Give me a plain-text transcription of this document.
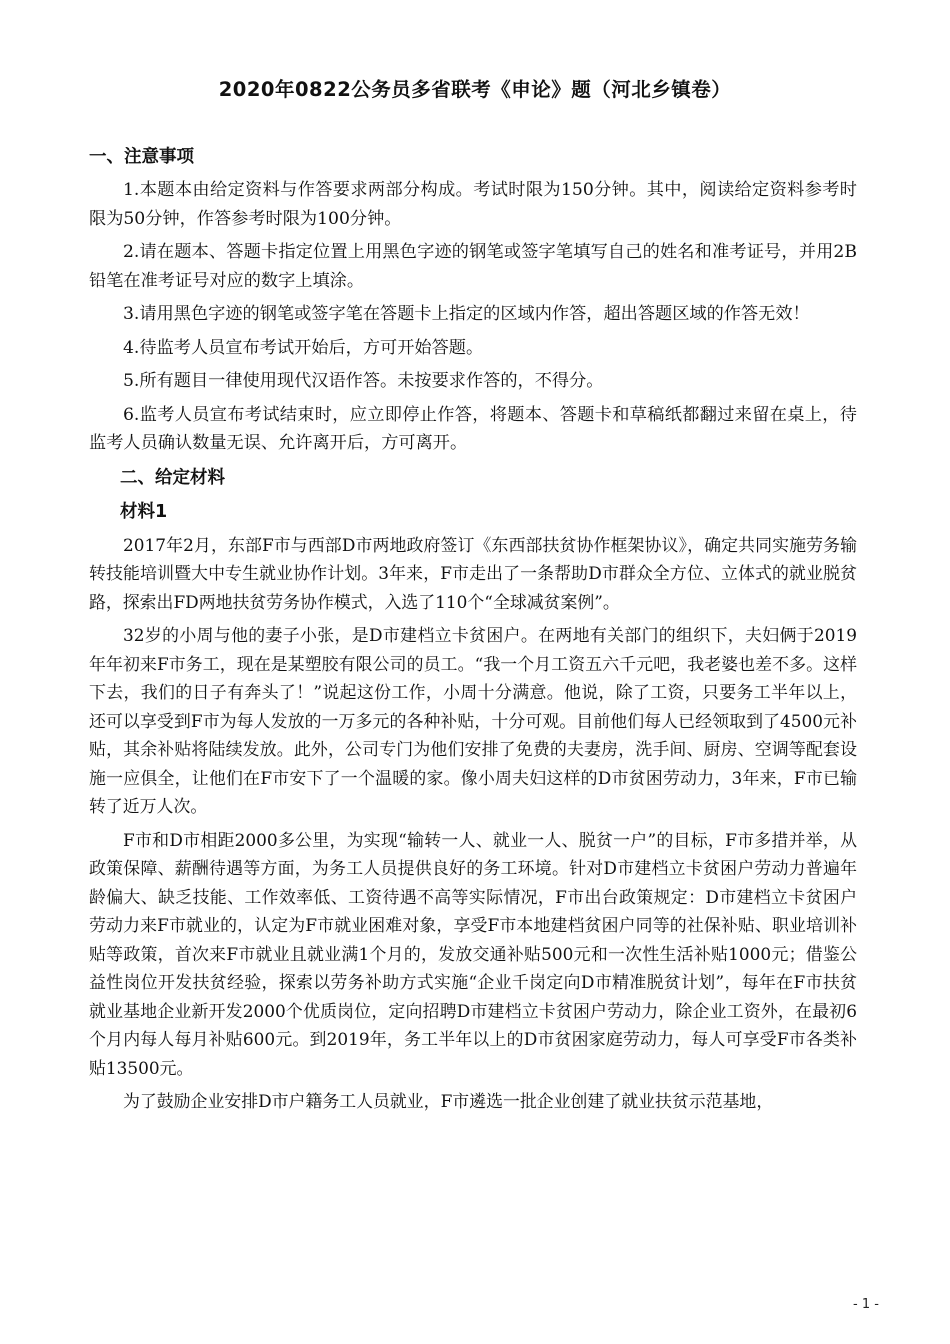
2020年0822公务员多省联考《申论》题（河北乡镇卷）
一、注意事项
1.本题本由给定资料与作答要求两部分构成。考试时限为150分钟。其中，阅读给定资料参考时限为50分钟，作答参考时限为100分钟。
2.请在题本、答题卡指定位置上用黑色字迹的钢笔或签字笔填写自己的姓名和准考证号，并用2B铅笔在准考证号对应的数字上填涂。
3.请用黑色字迹的钢笔或签字笔在答题卡上指定的区域内作答，超出答题区域的作答无效！
4.待监考人员宣布考试开始后，方可开始答题。
5.所有题目一律使用现代汉语作答。未按要求作答的，不得分。
6.监考人员宣布考试结束时，应立即停止作答，将题本、答题卡和草稿纸都翻过来留在桌上，待监考人员确认数量无误、允许离开后，方可离开。
二、给定材料
材料1
2017年2月，东部F市与西部D市两地政府签订《东西部扶贫协作框架协议》，确定共同实施劳务输转技能培训暨大中专生就业协作计划。3年来，F市走出了一条帮助D市群众全方位、立体式的就业脱贫路，探索出FD两地扶贫劳务协作模式，入选了110个“全球减贫案例”。
32岁的小周与他的妻子小张，是D市建档立卡贫困户。在两地有关部门的组织下，夫妇俩于2019年年初来F市务工，现在是某塑胶有限公司的员工。“我一个月工资五六千元吧，我老婆也差不多。这样下去，我们的日子有奔头了！”说起这份工作，小周十分满意。他说，除了工资，只要务工半年以上，还可以享受到F市为每人发放的一万多元的各种补贴，十分可观。目前他们每人已经领取到了4500元补贴，其余补贴将陆续发放。此外，公司专门为他们安排了免费的夫妻房，洗手间、厨房、空调等配套设施一应俱全，让他们在F市安下了一个温暖的家。像小周夫妇这样的D市贫困劳动力，3年来，F市已输转了近万人次。
F市和D市相距2000多公里，为实现“输转一人、就业一人、脱贫一户”的目标，F市多措并举，从政策保障、薪酬待遇等方面，为务工人员提供良好的务工环境。针对D市建档立卡贫困户劳动力普遍年龄偏大、缺乏技能、工作效率低、工资待遇不高等实际情况，F市出台政策规定：D市建档立卡贫困户劳动力来F市就业的，认定为F市就业困难对象，享受F市本地建档贫困户同等的社保补贴、职业培训补贴等政策，首次来F市就业且就业满1个月的，发放交通补贴500元和一次性生活补贴1000元；借鉴公益性岗位开发扶贫经验，探索以劳务补助方式实施“企业千岗定向D市精准脱贫计划”，每年在F市扶贫就业基地企业新开发2000个优质岗位，定向招聘D市建档立卡贫困户劳动力，除企业工资外，在最初6个月内每人每月补贴600元。到2019年，务工半年以上的D市贫困家庭劳动力，每人可享受F市各类补贴13500元。
为了鼓励企业安排D市户籍务工人员就业，F市遴选一批企业创建了就业扶贫示范基地，
- 1 -
